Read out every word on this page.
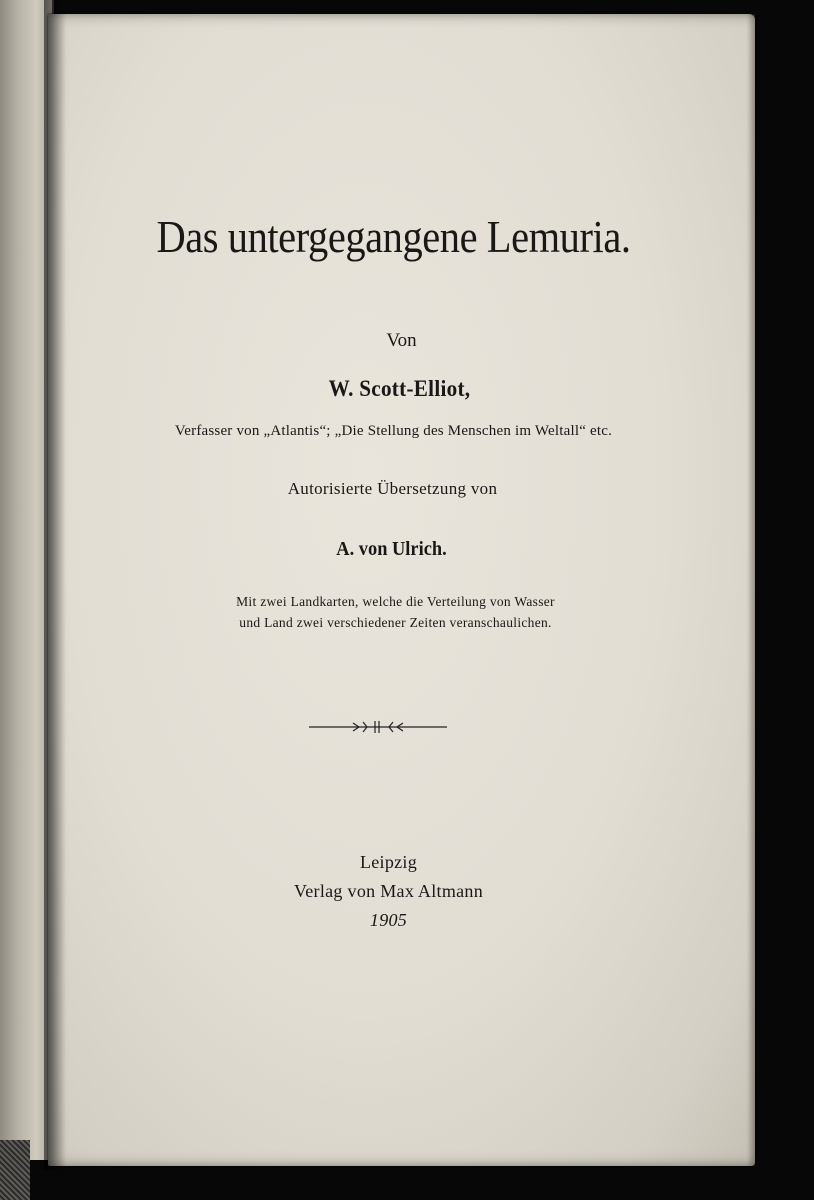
Das untergegangene Lemuria.
Von
W. Scott-Elliot,
Verfasser von „Atlantis“; „Die Stellung des Menschen im Weltall“ etc.
Autorisierte Übersetzung von
A. von Ulrich.
Mit zwei Landkarten, welche die Verteilung von Wasser
und Land zwei verschiedener Zeiten veranschaulichen.
Leipzig
Verlag von Max Altmann
1905
